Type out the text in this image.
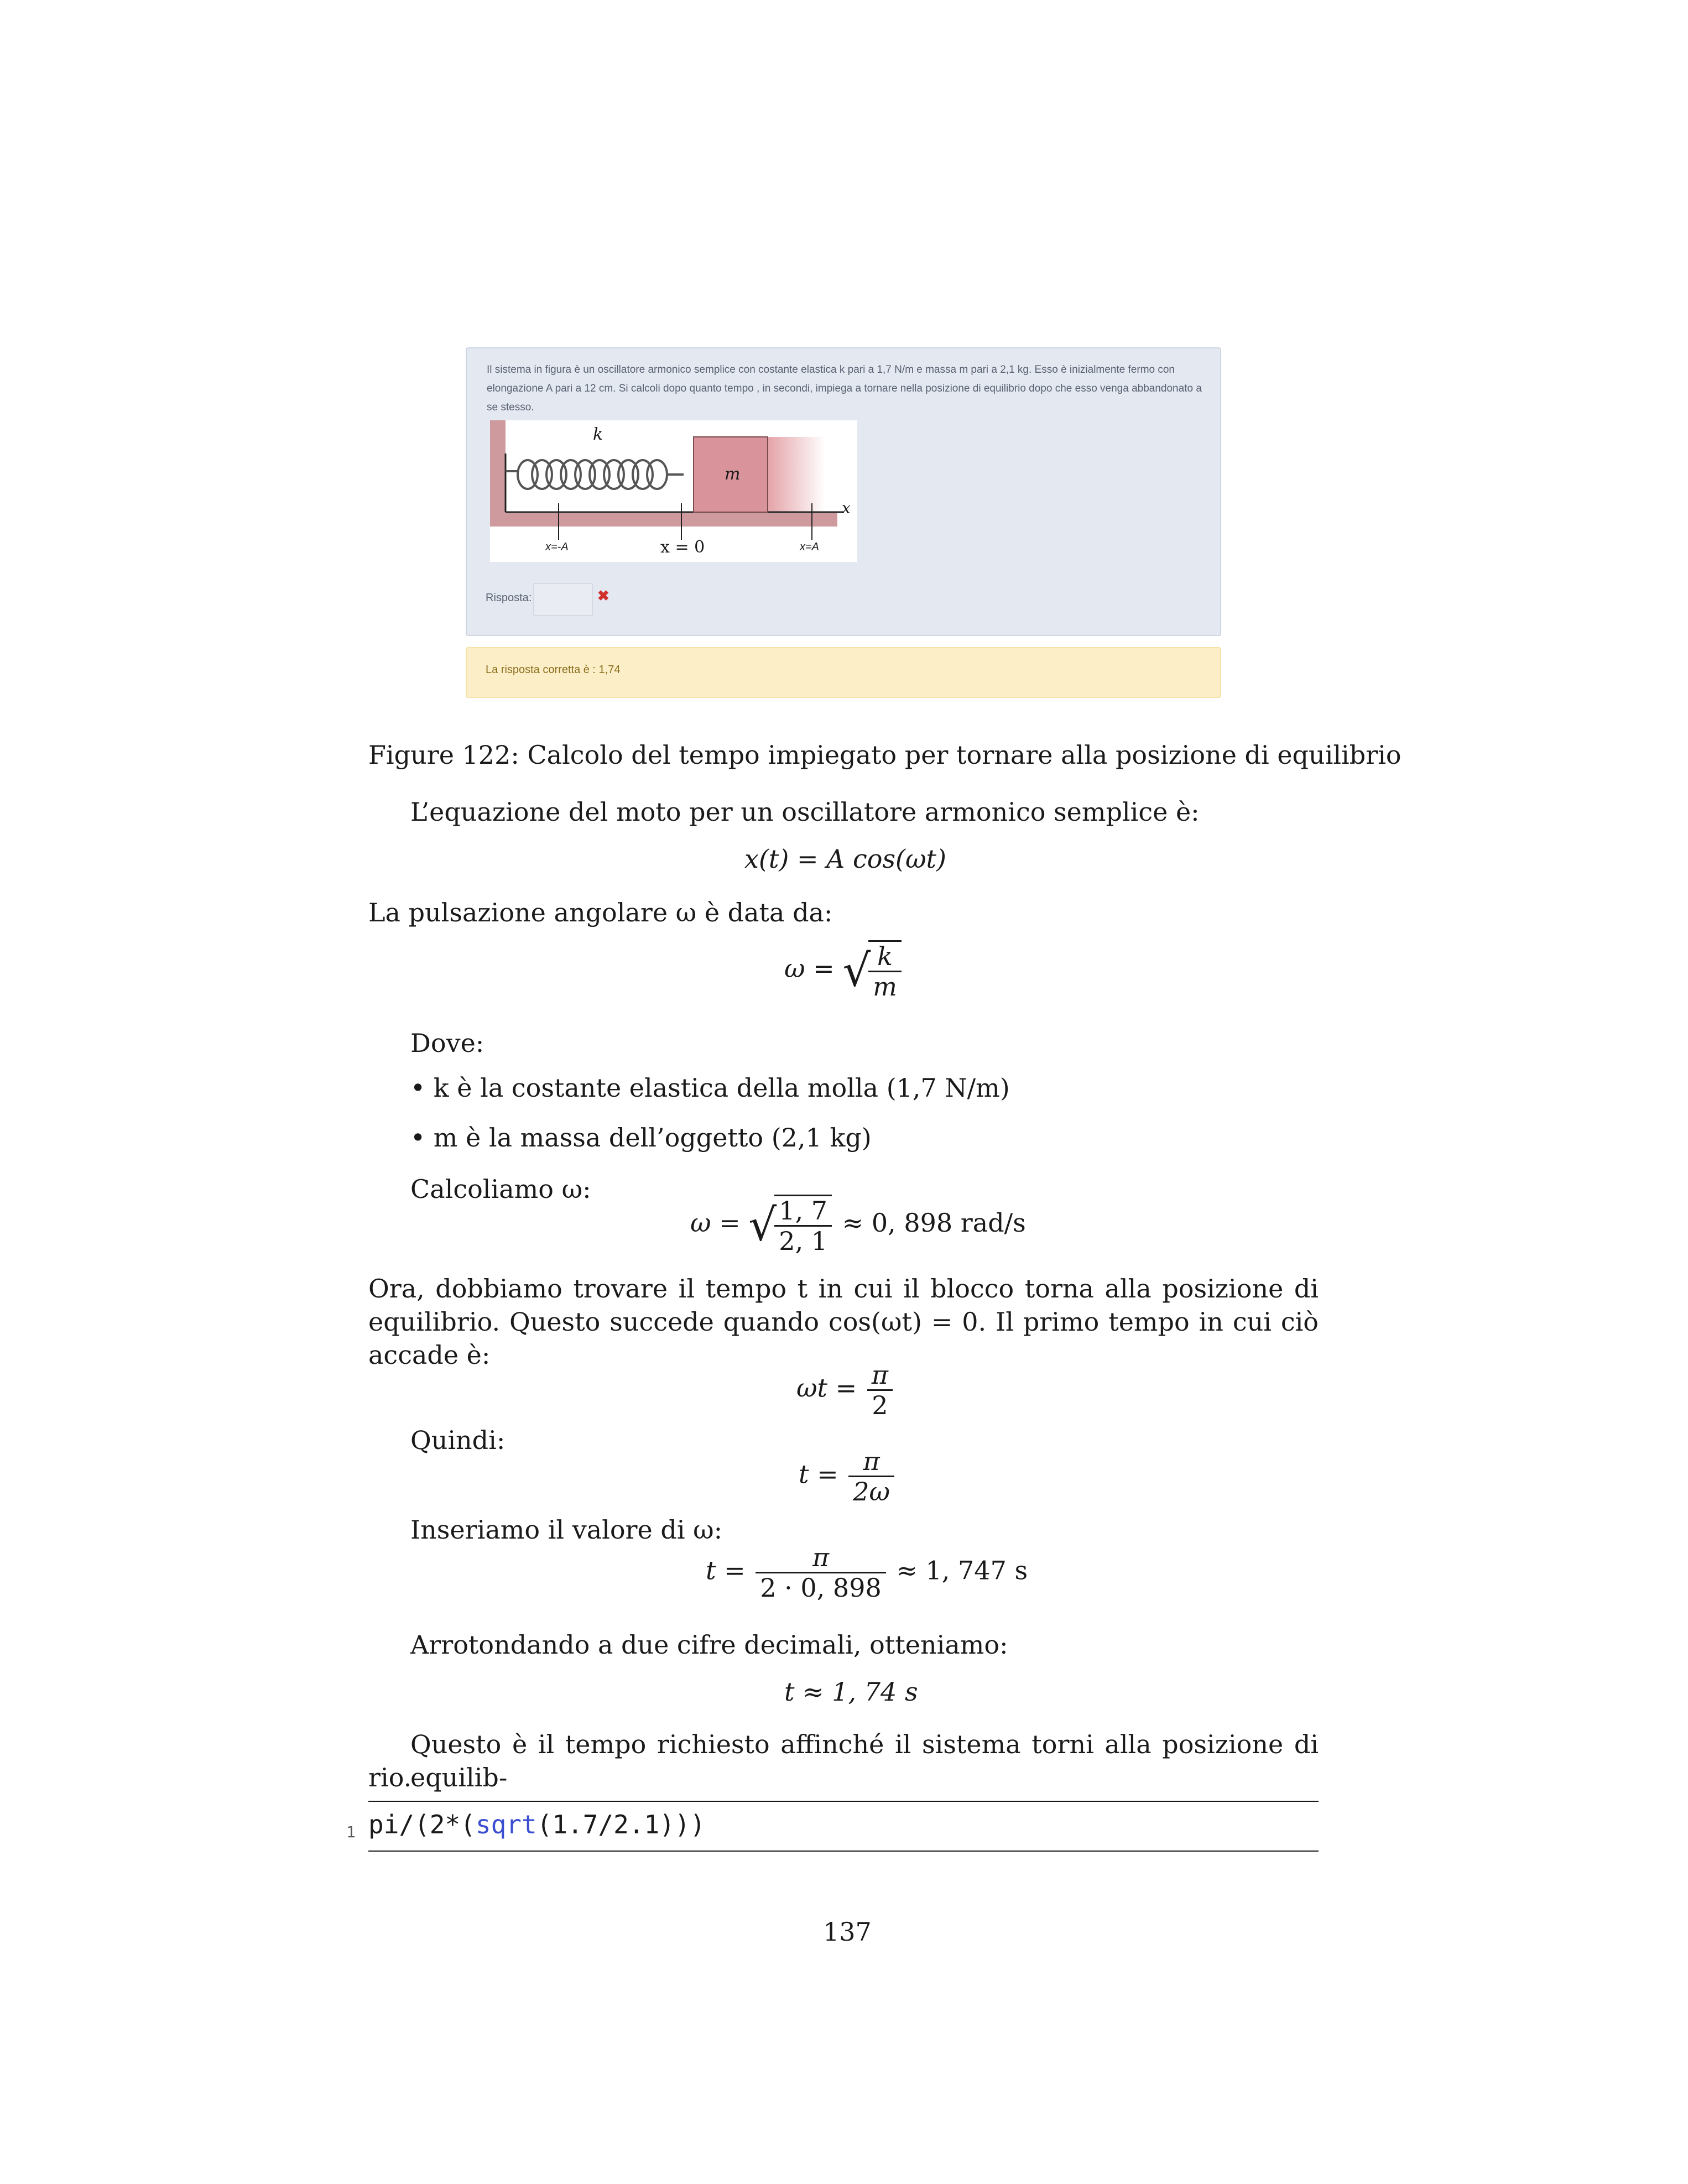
Il sistema in figura è un oscillatore armonico semplice con costante elastica k pari a 1,7 N/m e massa m pari a 2,1 kg. Esso è inizialmente fermo con elongazione A pari a 12 cm. Si calcoli dopo quanto tempo , in secondi, impiega a tornare nella posizione di equilibrio dopo che esso venga abbandonato a se stesso.
k
m
x
x=-A	x = 0	x=A
Risposta:	✖
La risposta corretta è : 1,74
Figure 122: Calcolo del tempo impiegato per tornare alla posizione di equilibrio
L’equazione del moto per un oscillatore armonico semplice è:
x(t) = A cos(ωt)
La pulsazione angolare ω è data da:
ω = √
$\frac{k}{m}$
Dove:
• k è la costante elastica della molla (1,7 N/m)
• m è la massa dell’oggetto (2,1 kg)
Calcoliamo ω:
ω = √
$\frac{1, 7}{2, 1} \approx 0$, 898 rad/s
Ora, dobbiamo trovare il tempo t in cui il blocco torna alla posizione di
equilibrio. Questo succede quando cos(ωt) = 0. Il primo tempo in cui ciò
accade è:
$\omega t = \frac{\pi}{2}$
Quindi:
$t = \frac{\pi}{2\omega}$
Inseriamo il valore di ω:
$t = \frac{\pi}{2 \cdot 0, 898} \approx 1$, 747 s
Arrotondando a due cifre decimali, otteniamo:
t ≈ 1, 74 s
Questo è il tempo richiesto affinché il sistema torni alla posizione di equilib-
rio.
1 pi/(2*(sqrt(1.7/2.1)))
137
